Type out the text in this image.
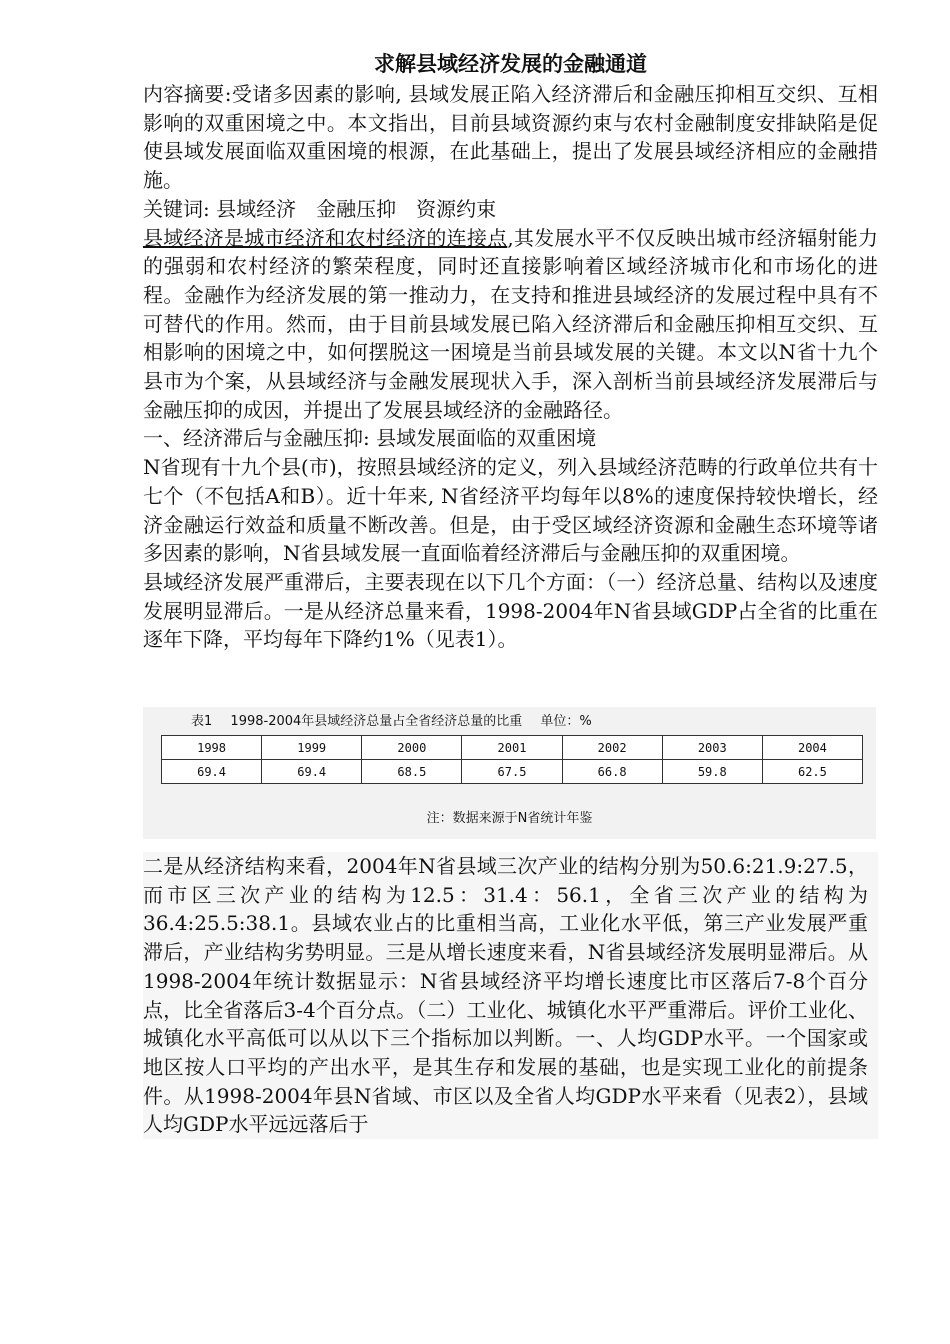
求解县域经济发展的金融通道

内容摘要:受诸多因素的影响, 县域发展正陷入经济滞后和金融压抑相互交织、互相影响的双重困境之中。本文指出，目前县域资源约束与农村金融制度安排缺陷是促使县域发展面临双重困境的根源，在此基础上，提出了发展县域经济相应的金融措施。

关键词: 县域经济　金融压抑　资源约束

县域经济是城市经济和农村经济的连接点,其发展水平不仅反映出城市经济辐射能力的强弱和农村经济的繁荣程度，同时还直接影响着区域经济城市化和市场化的进程。金融作为经济发展的第一推动力，在支持和推进县域经济的发展过程中具有不可替代的作用。然而，由于目前县域发展已陷入经济滞后和金融压抑相互交织、互相影响的困境之中，如何摆脱这一困境是当前县域发展的关键。本文以N省十九个县市为个案，从县域经济与金融发展现状入手，深入剖析当前县域经济发展滞后与金融压抑的成因，并提出了发展县域经济的金融路径。

一、经济滞后与金融压抑: 县域发展面临的双重困境

N省现有十九个县(市)，按照县域经济的定义，列入县域经济范畴的行政单位共有十七个（不包括A和B）。近十年来, N省经济平均每年以8%的速度保持较快增长，经济金融运行效益和质量不断改善。但是，由于受区域经济资源和金融生态环境等诸多因素的影响，N省县域发展一直面临着经济滞后与金融压抑的双重困境。

县域经济发展严重滞后，主要表现在以下几个方面：（一）经济总量、结构以及速度发展明显滞后。一是从经济总量来看，1998-2004年N省县域GDP占全省的比重在逐年下降，平均每年下降约1%（见表1）。

表1 1998-2004年县域经济总量占全省经济总量的比重 单位：%
1998	1999	2000	2001	2002	2003	2004
69.4	69.4	68.5	67.5	66.8	59.8	62.5
注：数据来源于N省统计年鉴

二是从经济结构来看，2004年N省县域三次产业的结构分别为50.6:21.9:27.5，而市区三次产业的结构为12.5：31.4：56.1，全省三次产业的结构为36.4:25.5:38.1。县域农业占的比重相当高，工业化水平低，第三产业发展严重滞后，产业结构劣势明显。三是从增长速度来看，N省县域经济发展明显滞后。从1998-2004年统计数据显示：N省县域经济平均增长速度比市区落后7-8个百分点，比全省落后3-4个百分点。（二）工业化、城镇化水平严重滞后。评价工业化、城镇化水平高低可以从以下三个指标加以判断。一、人均GDP水平。一个国家或地区按人口平均的产出水平，是其生存和发展的基础，也是实现工业化的前提条件。从1998-2004年县N省域、市区以及全省人均GDP水平来看（见表2），县域人均GDP水平远远落后于
